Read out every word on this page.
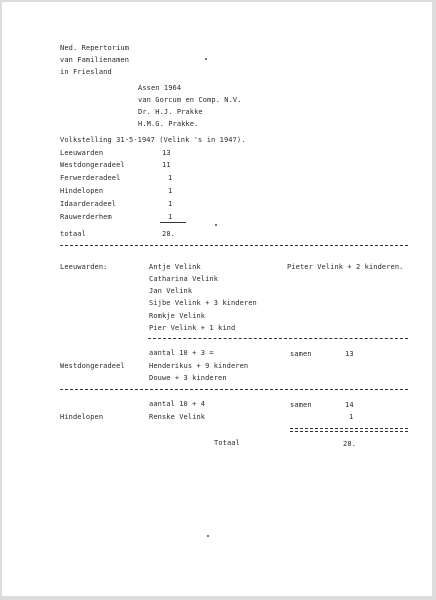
Ned. Repertorium
van Familienamen
in Friesland
Assen 1964
van Gorcum en Comp. N.V.
Dr. H.J. Prakke
H.M.G. Prakke.
Volkstelling 31-5-1947 (Velink 's in 1947).
Leeuwarden	13
Westdongeradeel	11
Ferwerderadeel	1
Hindelopen	1
Idaarderadeel	1
Rauwerderhem	1
totaal	28.
Leeuwarden:	Antje Velink	Pieter Velink + 2 kinderen.
Catharina Velink
Jan Velink
Sijbe Velink + 3 kinderen
Romkje Velink
Pier Velink + 1 kind
aantal 10 + 3 =	samen	13
Westdongeradeel	Henderikus + 9 kinderen
Douwe + 3 kinderen
aantal 10 + 4	samen	14
Hindelopen	Renske Velink	1
Totaal	28.
